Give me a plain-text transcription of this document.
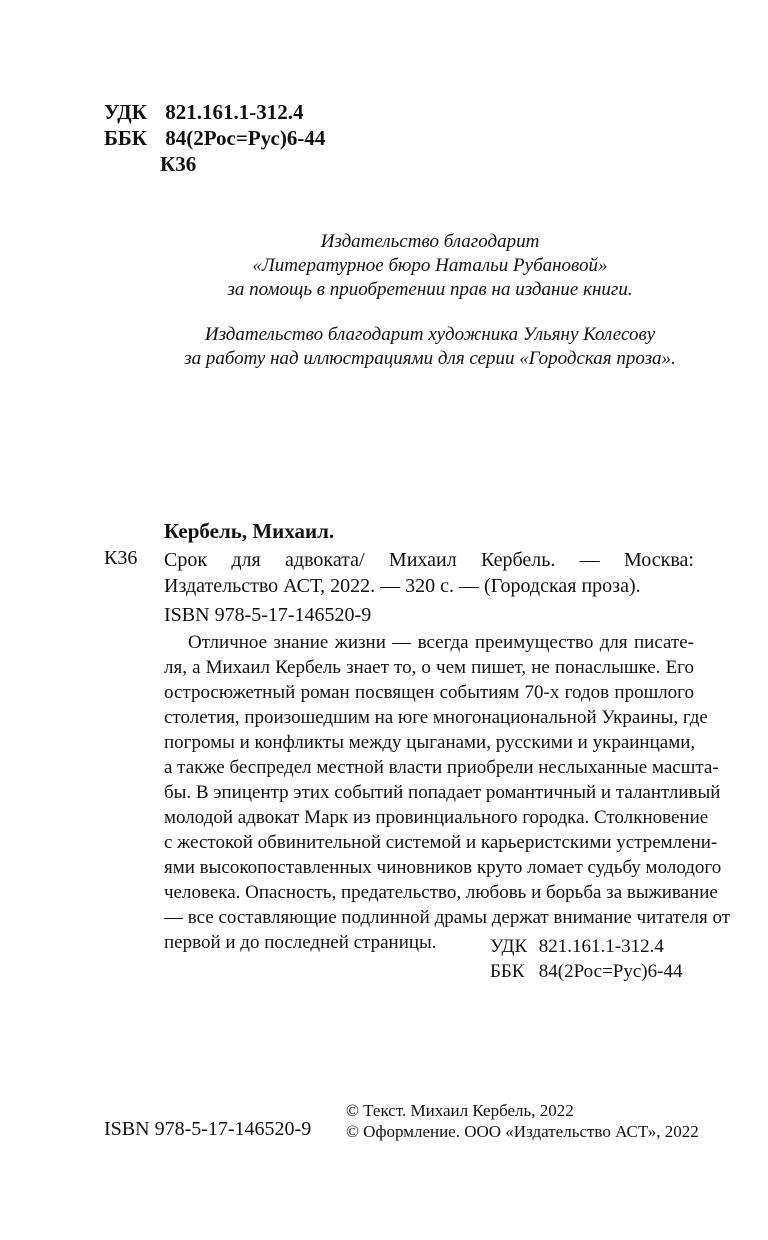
УДК 821.161.1-312.4
ББК 84(2Рос=Рус)6-44
К36

Издательство благодарит

«Литературное бюро Натальи Рубановой»

за помощь в приобретении прав на издание книги.

Издательство благодарит художника Ульяну Колесову

за работу над иллюстрациями для серии «Городская проза».

Кербель, Михаил.
К36 Срок для адвоката/ Михаил Кербель. — Москва: Издательство АСТ, 2022. — 320 с. — (Городская проза).
ISBN 978-5-17-146520-9
Отличное знание жизни — всегда преимущество для писате-
ля, а Михаил Кербель знает то, о чем пишет, не понаслышке. Его
остросюжетный роман посвящен событиям 70-х годов прошлого
столетия, произошедшим на юге многонациональной Украины, где
погромы и конфликты между цыганами, русскими и украинцами,
а также беспредел местной власти приобрели неслыханные масшта-
бы. В эпицентр этих событий попадает романтичный и талантливый
молодой адвокат Марк из провинциального городка. Столкновение
с жестокой обвинительной системой и карьеристскими устремлени-
ями высокопоставленных чиновников круто ломает судьбу молодого
человека. Опасность, предательство, любовь и борьба за выживание
— все составляющие подлинной драмы держат внимание читателя от
первой и до последней страницы.	УДК 821.161.1-312.4
ББК 84(2Рос=Рус)6-44
ISBN 978-5-17-146520-9
© Текст. Михаил Кербель, 2022
© Оформление. ООО «Издательство АСТ», 2022
